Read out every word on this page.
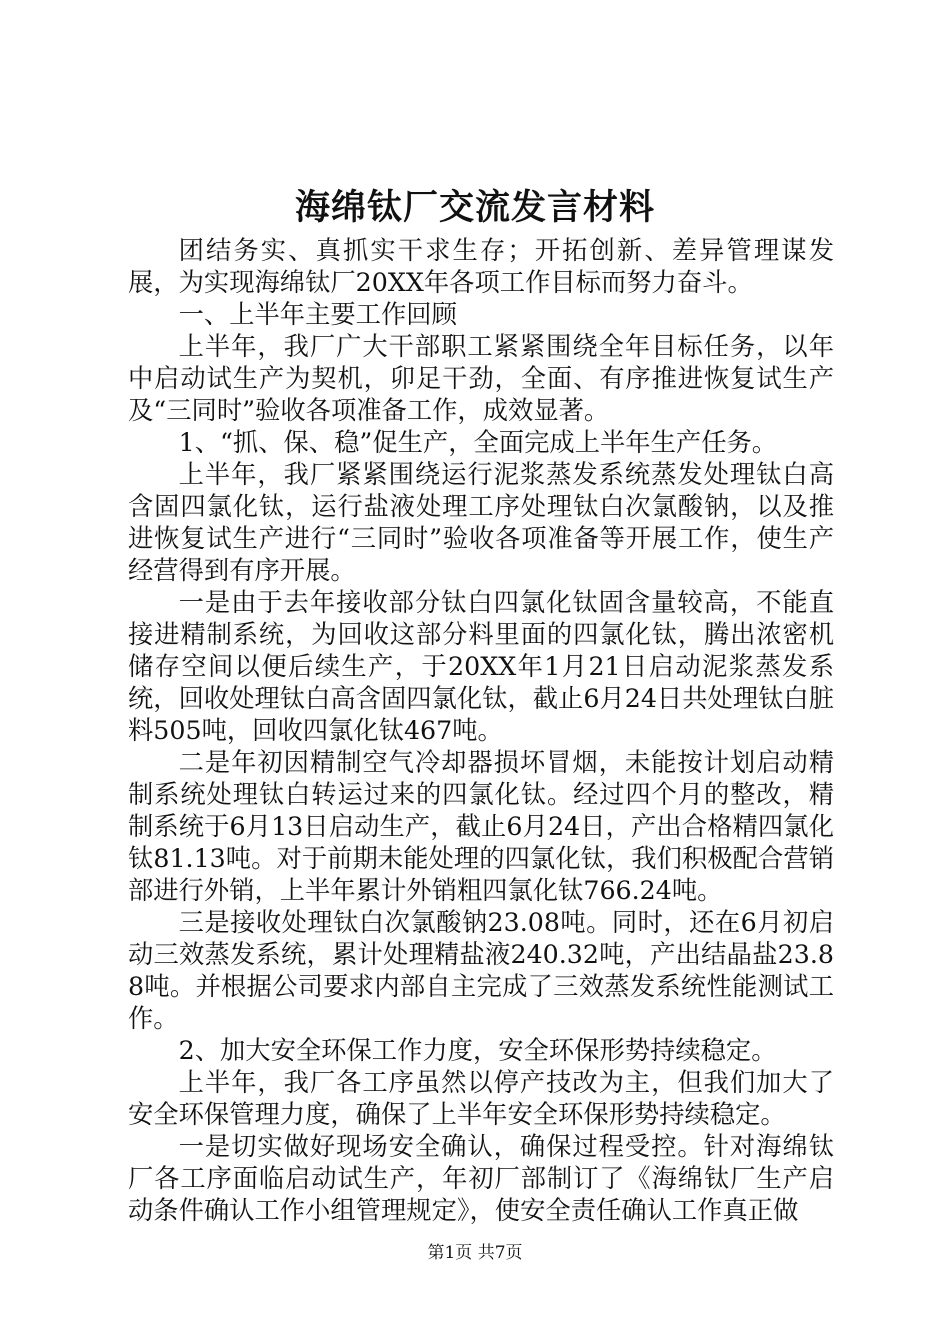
海绵钛厂交流发言材料

团结务实、真抓实干求生存；开拓创新、差异管理谋发展，为实现海绵钛厂20XX年各项工作目标而努力奋斗。

一、上半年主要工作回顾

上半年，我厂广大干部职工紧紧围绕全年目标任务，以年中启动试生产为契机，卯足干劲，全面、有序推进恢复试生产及“三同时”验收各项准备工作，成效显著。

1、“抓、保、稳”促生产，全面完成上半年生产任务。

上半年，我厂紧紧围绕运行泥浆蒸发系统蒸发处理钛白高含固四氯化钛，运行盐液处理工序处理钛白次氯酸钠，以及推进恢复试生产进行“三同时”验收各项准备等开展工作，使生产经营得到有序开展。

一是由于去年接收部分钛白四氯化钛固含量较高，不能直接进精制系统，为回收这部分料里面的四氯化钛，腾出浓密机储存空间以便后续生产，于20XX年1月21日启动泥浆蒸发系统，回收处理钛白高含固四氯化钛，截止6月24日共处理钛白脏料505吨，回收四氯化钛467吨。

二是年初因精制空气冷却器损坏冒烟，未能按计划启动精制系统处理钛白转运过来的四氯化钛。经过四个月的整改，精制系统于6月13日启动生产，截止6月24日，产出合格精四氯化钛81.13吨。对于前期未能处理的四氯化钛，我们积极配合营销部进行外销，上半年累计外销粗四氯化钛766.24吨。

三是接收处理钛白次氯酸钠23.08吨。同时，还在6月初启动三效蒸发系统，累计处理精盐液240.32吨，产出结晶盐23.88吨。并根据公司要求内部自主完成了三效蒸发系统性能测试工作。

2、加大安全环保工作力度，安全环保形势持续稳定。

上半年，我厂各工序虽然以停产技改为主，但我们加大了安全环保管理力度，确保了上半年安全环保形势持续稳定。

一是切实做好现场安全确认，确保过程受控。针对海绵钛厂各工序面临启动试生产，年初厂部制订了《海绵钛厂生产启动条件确认工作小组管理规定》，使安全责任确认工作真正做

第1页 共7页
